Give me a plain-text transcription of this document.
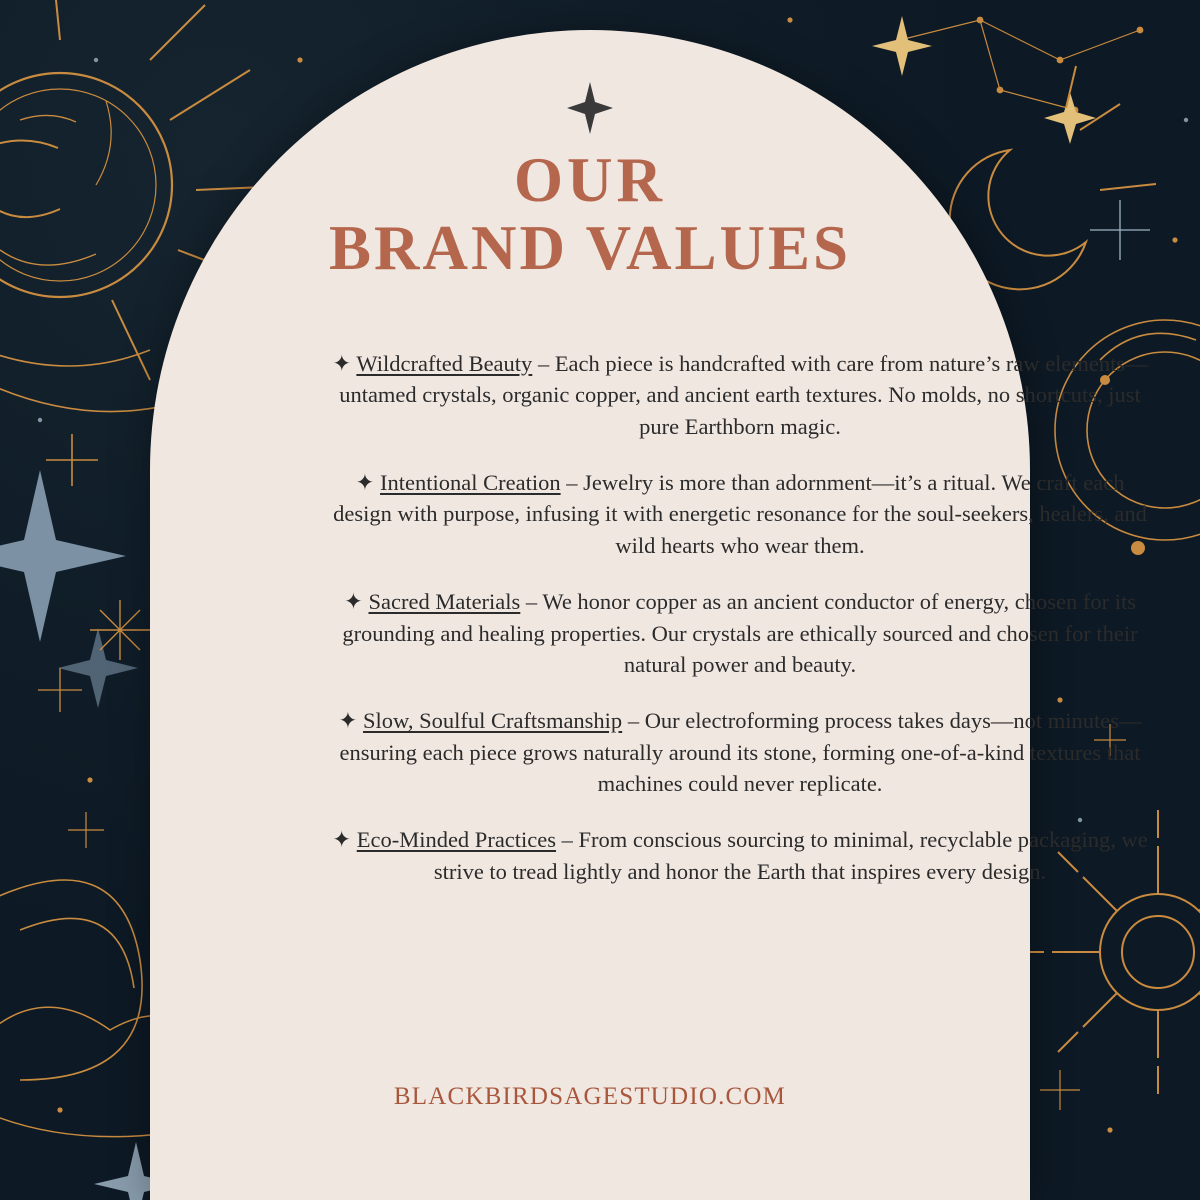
OUR
BRAND VALUES

✦ Wildcrafted Beauty – Each piece is handcrafted with care from nature’s raw elements—untamed crystals, organic copper, and ancient earth textures. No molds, no shortcuts, just pure Earthborn magic.

✦ Intentional Creation – Jewelry is more than adornment—it’s a ritual. We craft each design with purpose, infusing it with energetic resonance for the soul-seekers, healers, and wild hearts who wear them.

✦ Sacred Materials – We honor copper as an ancient conductor of energy, chosen for its grounding and healing properties. Our crystals are ethically sourced and chosen for their natural power and beauty.

✦ Slow, Soulful Craftsmanship – Our electroforming process takes days—not minutes—ensuring each piece grows naturally around its stone, forming one-of-a-kind textures that machines could never replicate.

✦ Eco-Minded Practices – From conscious sourcing to minimal, recyclable packaging, we strive to tread lightly and honor the Earth that inspires every design.

BLACKBIRDSAGESTUDIO.COM
